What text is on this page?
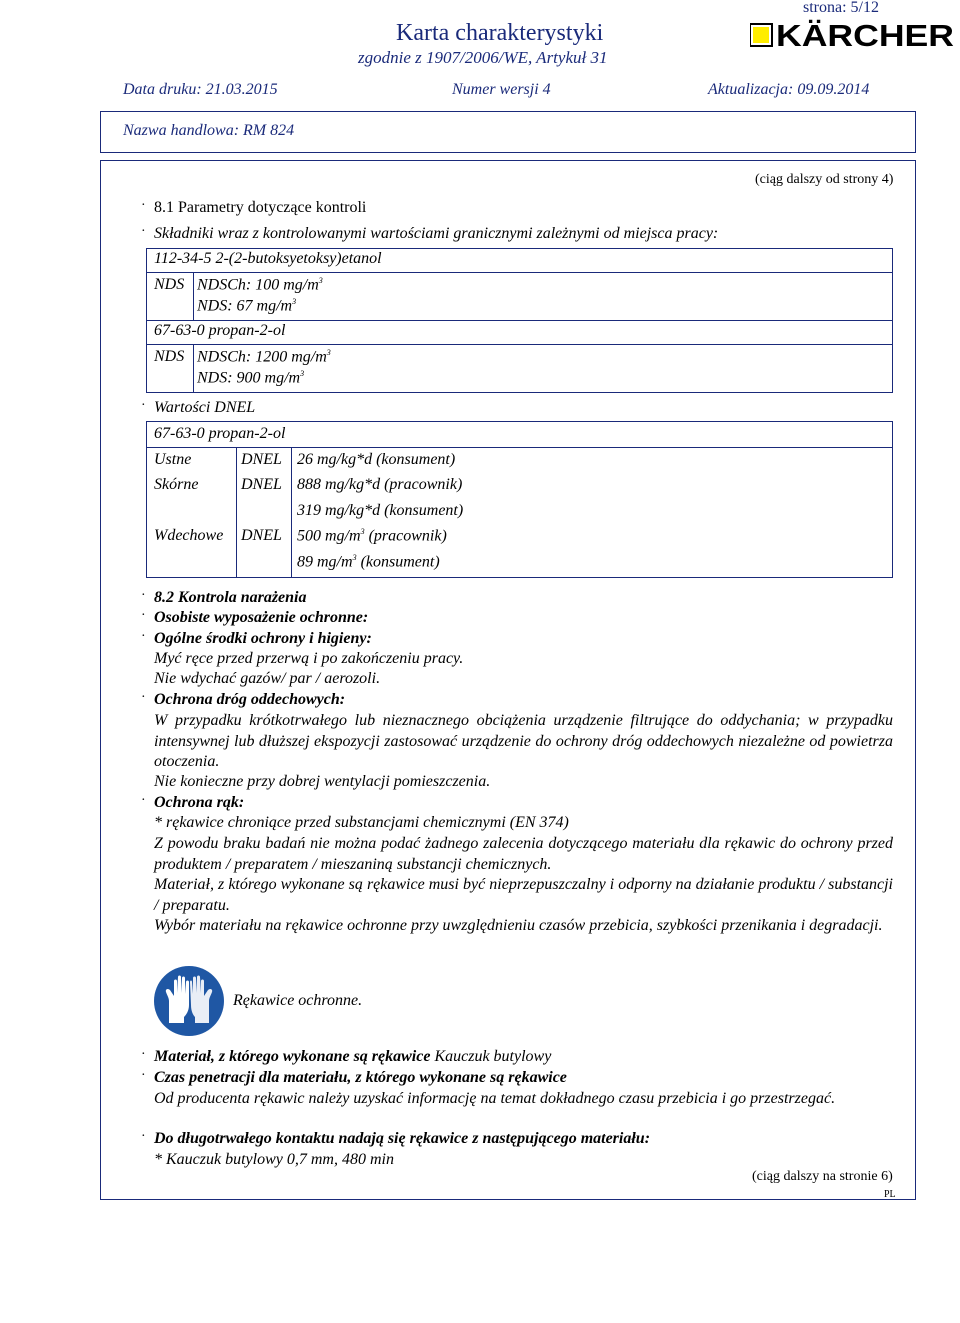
Karta charakterystyki
zgodnie z 1907/2006/WE, Artykuł 31
strona: 5/12
KÄRCHER
Data druku: 21.03.2015	Numer wersji 4	Aktualizacja: 09.09.2014
Nazwa handlowa: RM 824
(ciąg dalszy od strony 4)
· 8.1 Parametry dotyczące kontroli
· Składniki wraz z kontrolowanymi wartościami granicznymi zależnymi od miejsca pracy:
112-34-5 2-(2-butoksyetoksy)etanol
NDS NDSCh: 100 $mg/m^3$
NDS: 67 $mg/m^3$
67-63-0 propan-2-ol
NDS NDSCh: 1200 $mg/m^3$
NDS: 900 $mg/m^3$
· Wartości DNEL
67-63-0 propan-2-ol
Ustne	DNEL 26 mg/kg*d (konsument)
Skórne	DNEL 888 mg/kg*d (pracownik)
319 mg/kg*d (konsument)
Wdechowe DNEL 500 $mg/m^3$ (pracownik)
89 $mg/m^3$ (konsument)
· 8.2 Kontrola narażenia
· Osobiste wyposażenie ochronne:
· Ogólne środki ochrony i higieny:
Myć ręce przed przerwą i po zakończeniu pracy.
Nie wdychać gazów/ par / aerozoli.
· Ochrona dróg oddechowych:
W przypadku krótkotrwałego lub nieznacznego obciążenia urządzenie filtrujące do oddychania; w przypadku intensywnej lub dłuższej ekspozycji zastosować urządzenie do ochrony dróg oddechowych niezależne od powietrza otoczenia.
Nie konieczne przy dobrej wentylacji pomieszczenia.
· Ochrona rąk:
* rękawice chroniące przed substancjami chemicznymi (EN 374)
Z powodu braku badań nie można podać żadnego zalecenia dotyczącego materiału dla rękawic do ochrony przed produktem / preparatem / mieszaniną substancji chemicznych.
Materiał, z którego wykonane są rękawice musi być nieprzepuszczalny i odporny na działanie produktu / substancji / preparatu.
Wybór materiału na rękawice ochronne przy uwzględnieniu czasów przebicia, szybkości przenikania i degradacji.
Rękawice ochronne.
· Materiał, z którego wykonane są rękawice Kauczuk butylowy
· Czas penetracji dla materiału, z którego wykonane są rękawice
Od producenta rękawic należy uzyskać informację na temat dokładnego czasu przebicia i go przestrzegać.
· Do długotrwałego kontaktu nadają się rękawice z następującego materiału:
* Kauczuk butylowy 0,7 mm, 480 min
(ciąg dalszy na stronie 6)
PL
